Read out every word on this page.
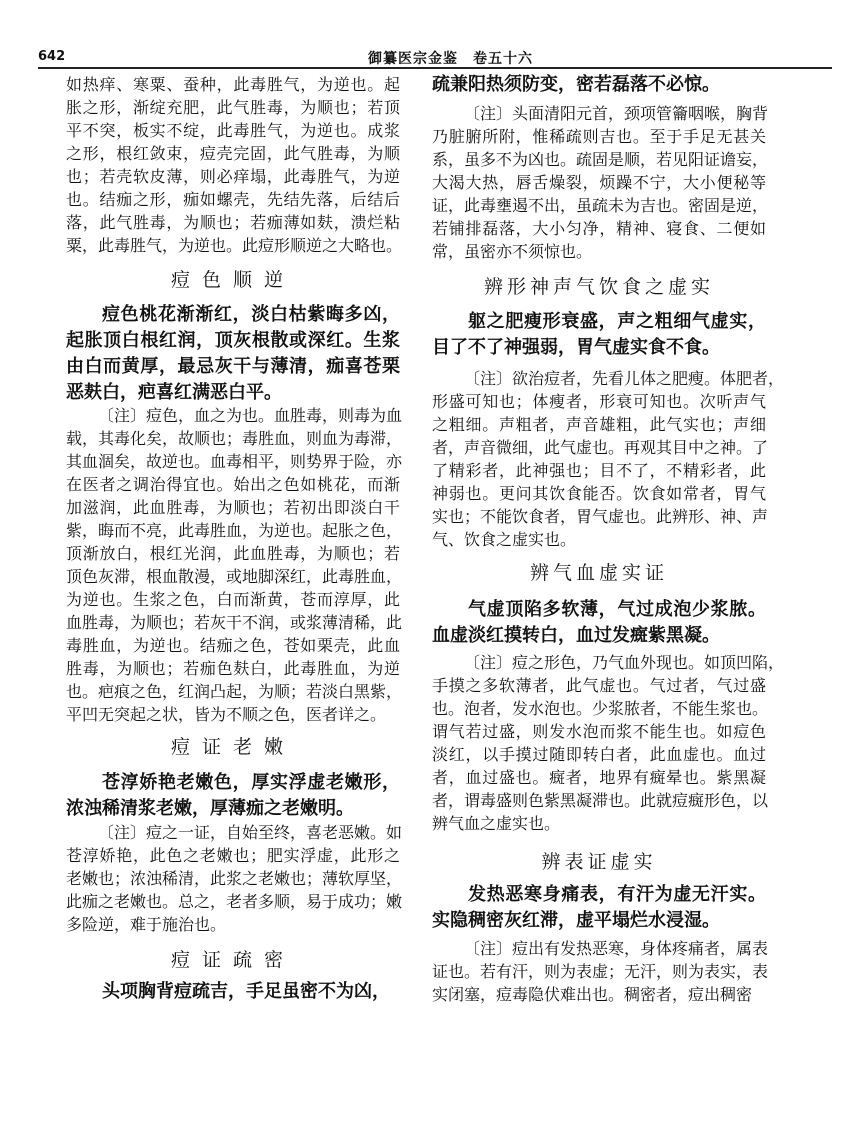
642	御纂医宗金鉴　卷五十六
如热痒、寒粟、蚕种，此毒胜气，为逆也。起
胀之形，渐绽充肥，此气胜毒，为顺也；若顶
平不突，板实不绽，此毒胜气，为逆也。成浆
之形，根红敛束，痘壳完固，此气胜毒，为顺
也；若壳软皮薄，则必痒塌，此毒胜气，为逆
也。结痂之形，痂如螺壳，先结先落，后结后
落，此气胜毒，为顺也；若痂薄如麸，溃烂粘
粟，此毒胜气，为逆也。此痘形顺逆之大略也。
痘色顺逆
痘色桃花渐渐红，淡白枯紫晦多凶，
起胀顶白根红润，顶灰根散或深红。生浆
由白而黄厚，最忌灰干与薄清，痂喜苍栗
恶麸白，疤喜红满恶白平。
〔注〕痘色，血之为也。血胜毒，则毒为血
载，其毒化矣，故顺也；毒胜血，则血为毒滞，
其血涸矣，故逆也。血毒相平，则势界于险，亦
在医者之调治得宜也。始出之色如桃花，而渐
加滋润，此血胜毒，为顺也；若初出即淡白干
紫，晦而不亮，此毒胜血，为逆也。起胀之色，
顶渐放白，根红光润，此血胜毒，为顺也；若
顶色灰滞，根血散漫，或地脚深红，此毒胜血，
为逆也。生浆之色，白而渐黄，苍而淳厚，此
血胜毒，为顺也；若灰干不润，或浆薄清稀，此
毒胜血，为逆也。结痂之色，苍如栗壳，此血
胜毒，为顺也；若痂色麸白，此毒胜血，为逆
也。疤痕之色，红润凸起，为顺；若淡白黑紫，
平凹无突起之状，皆为不顺之色，医者详之。
痘证老嫩
苍淳娇艳老嫩色，厚实浮虚老嫩形，
浓浊稀清浆老嫩，厚薄痂之老嫩明。
〔注〕痘之一证，自始至终，喜老恶嫩。如
苍淳娇艳，此色之老嫩也；肥实浮虚，此形之
老嫩也；浓浊稀清，此浆之老嫩也；薄软厚坚，
此痂之老嫩也。总之，老者多顺，易于成功；嫩
多险逆，难于施治也。
痘证疏密
头项胸背痘疏吉，手足虽密不为凶，
疏兼阳热须防变，密若磊落不必惊。
〔注〕头面清阳元首，颈项管籥咽喉，胸背
乃脏腑所附，惟稀疏则吉也。至于手足无甚关
系，虽多不为凶也。疏固是顺，若见阳证谵妄，
大渴大热，唇舌燥裂，烦躁不宁，大小便秘等
证，此毒壅遏不出，虽疏未为吉也。密固是逆，
若铺排磊落，大小匀净，精神、寝食、二便如
常，虽密亦不须惊也。
辨形神声气饮食之虚实
躯之肥瘦形衰盛，声之粗细气虚实，
目了不了神强弱，胃气虚实食不食。
〔注〕欲治痘者，先看儿体之肥瘦。体肥者，
形盛可知也；体瘦者，形衰可知也。次听声气
之粗细。声粗者，声音雄粗，此气实也；声细
者，声音微细，此气虚也。再观其目中之神。了
了精彩者，此神强也；目不了，不精彩者，此
神弱也。更问其饮食能否。饮食如常者，胃气
实也；不能饮食者，胃气虚也。此辨形、神、声
气、饮食之虚实也。
辨气血虚实证
气虚顶陷多软薄，气过成泡少浆脓。
血虚淡红摸转白，血过发癍紫黑凝。
〔注〕痘之形色，乃气血外现也。如顶凹陷，
手摸之多软薄者，此气虚也。气过者，气过盛
也。泡者，发水泡也。少浆脓者，不能生浆也。
谓气若过盛，则发水泡而浆不能生也。如痘色
淡红，以手摸过随即转白者，此血虚也。血过
者，血过盛也。癍者，地界有癍晕也。紫黑凝
者，谓毒盛则色紫黑凝滞也。此就痘癍形色，以
辨气血之虚实也。
辨表证虚实
发热恶寒身痛表，有汗为虚无汗实。
实隐稠密灰红滞，虚平塌烂水浸湿。
〔注〕痘出有发热恶寒，身体疼痛者，属表
证也。若有汗，则为表虚；无汗，则为表实，表
实闭塞，痘毒隐伏难出也。稠密者，痘出稠密
